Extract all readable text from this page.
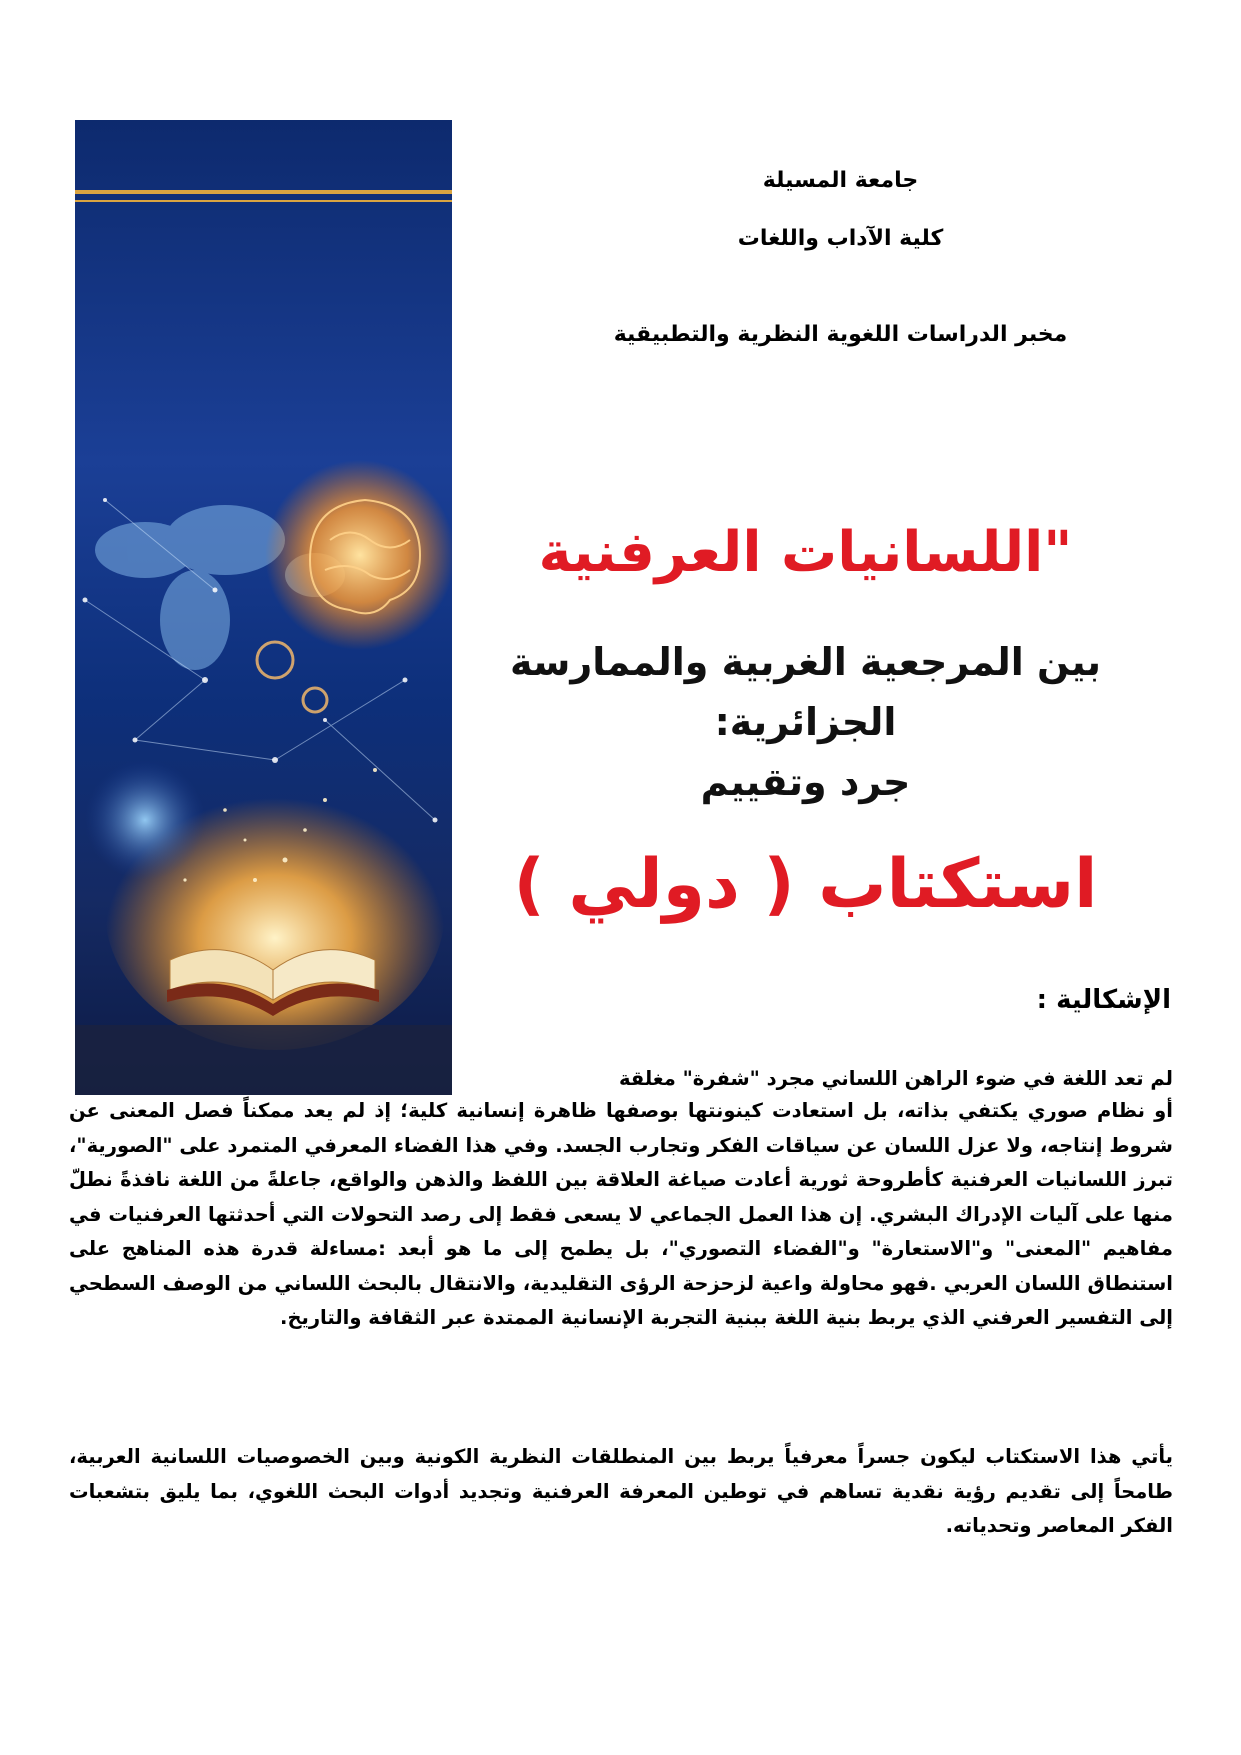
جامعة المسيلة
كلية الآداب واللغات
مخبر الدراسات اللغوية النظرية والتطبيقية
"اللسانيات العرفنية
بين المرجعية الغربية والممارسة
الجزائرية:
جرد وتقييم
استكتاب ( دولي )
الإشكالية :
لم تعد اللغة في ضوء الراهن اللساني مجرد "شفرة" مغلقة
أو نظام صوري يكتفي بذاته، بل استعادت كينونتها بوصفها ظاهرة إنسانية كلية؛ إذ لم يعد ممكناً فصل المعنى عن شروط إنتاجه، ولا عزل اللسان عن سياقات الفكر وتجارب الجسد. وفي هذا الفضاء المعرفي المتمرد على "الصورية"، تبرز اللسانيات العرفنية كأطروحة ثورية أعادت صياغة العلاقة بين اللفظ والذهن والواقع، جاعلةً من اللغة نافذةً نطلّ منها على آليات الإدراك البشري. إن هذا العمل الجماعي لا يسعى فقط إلى رصد التحولات التي أحدثتها العرفنيات في مفاهيم "المعنى" و"الاستعارة" و"الفضاء التصوري"، بل يطمح إلى ما هو أبعد :مساءلة قدرة هذه المناهج على استنطاق اللسان العربي .فهو محاولة واعية لزحزحة الرؤى التقليدية، والانتقال بالبحث اللساني من الوصف السطحي إلى التفسير العرفني الذي يربط بنية اللغة ببنية التجربة الإنسانية الممتدة عبر الثقافة والتاريخ.
يأتي هذا الاستكتاب ليكون جسراً معرفياً يربط بين المنطلقات النظرية الكونية وبين الخصوصيات اللسانية العربية، طامحاً إلى تقديم رؤية نقدية تساهم في توطين المعرفة العرفنية وتجديد أدوات البحث اللغوي، بما يليق بتشعبات الفكر المعاصر وتحدياته.
